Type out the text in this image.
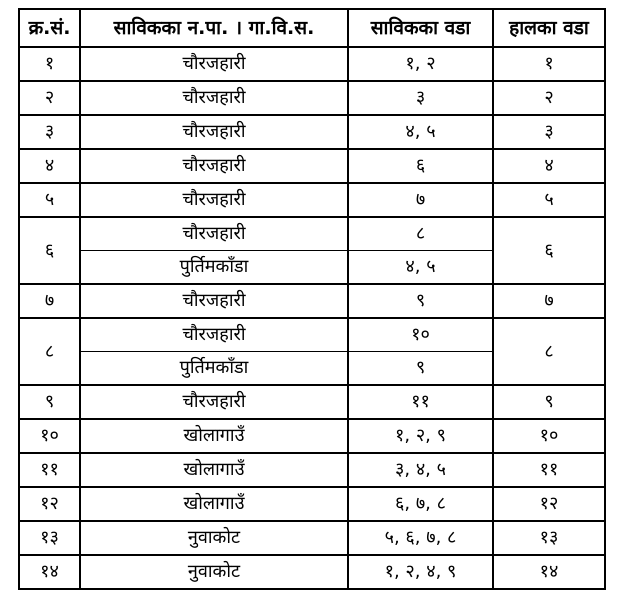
क्र.सं.	साविकका न.पा. । गा.वि.स.	साविकका वडा	हालका वडा
१	चौरजहारी	१, २	१
२	चौरजहारी	३	२
३	चौरजहारी	४, ५	३
४	चौरजहारी	६	४
५	चौरजहारी	७	५
६	चौरजहारी	८	६
	पुर्तिमकाँडा	४, ५	
७	चौरजहारी	९	७
८	चौरजहारी	१०	८
	पुर्तिमकाँडा	९	
९	चौरजहारी	११	९
१०	खोलागाउँ	१, २, ९	१०
११	खोलागाउँ	३, ४, ५	११
१२	खोलागाउँ	६, ७, ८	१२
१३	नुवाकोट	५, ६, ७, ८	१३
१४	नुवाकोट	१, २, ४, ९	१४
